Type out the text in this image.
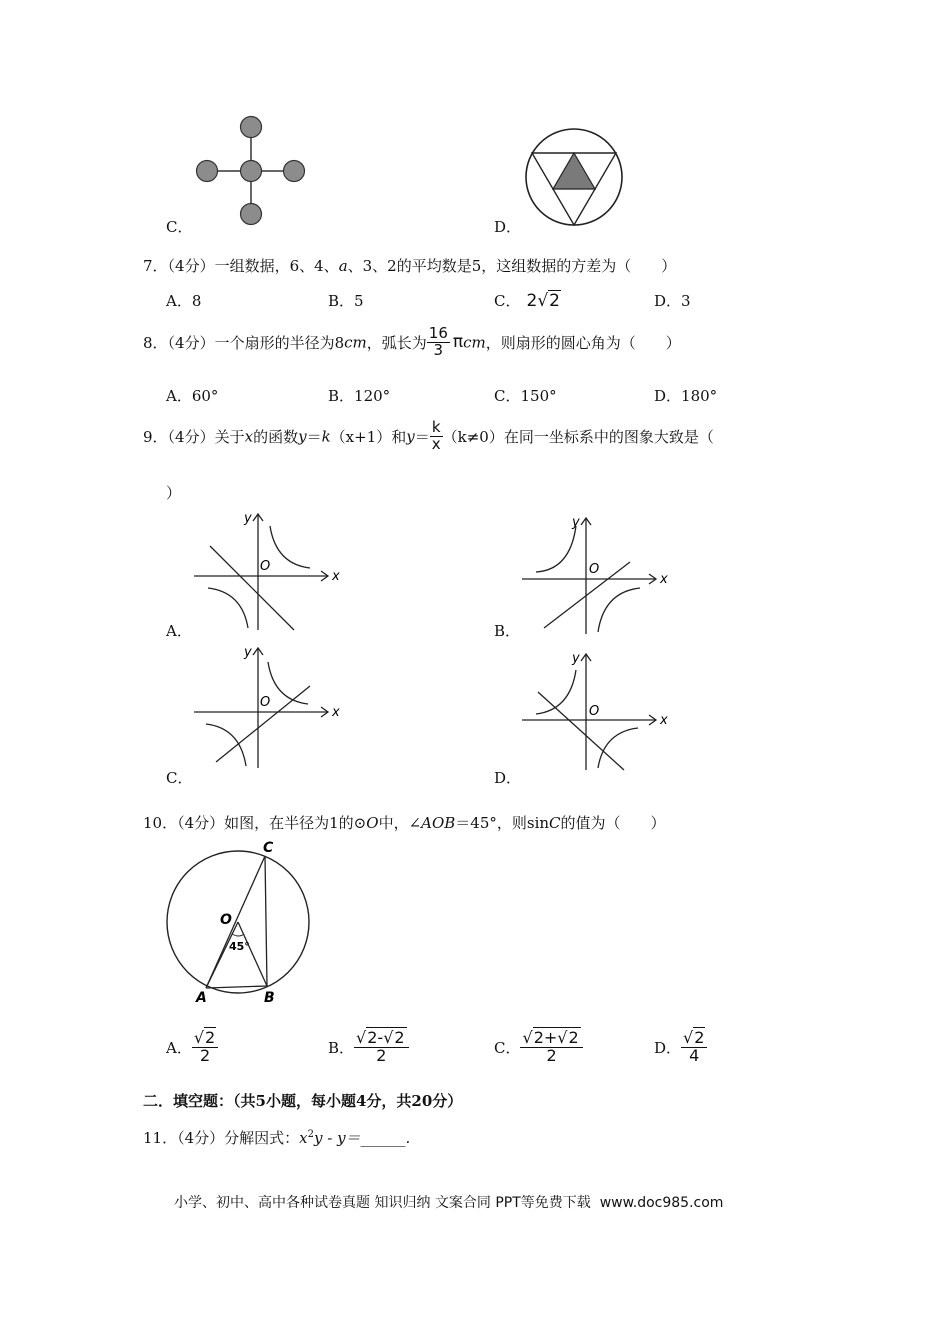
C．	D．
7．（4分）一组数据，6、4、a、3、2的平均数是5，这组数据的方差为（　　）
A．8	B．5	C． 2√2	D．3
8．（4分）一个扇形的半径为8cm，弧长为 $\frac{16}{3}$ πcm，则扇形的圆心角为（　　）
A．60°	B．120°	C．150°	D．180°
9．（4分）关于x的函数y＝k（x+1）和$y= \frac{k}{x} (k\ne 0)$在同一坐标系中的图象大致是（
）
x
y
O
A．
x
y
O
B．
x
y
O
C．
x
y
O
D．
10．（4分）如图，在半径为1的⊙O中，∠AOB＝45°，则sinC的值为（　　）
C
O
A	B
45°
A． $\frac{√2}{2}$	B． $\frac{√2-√2}{2}$	C． $\frac{√2+√2}{2}$	D． $\frac{√2}{4}$
二．填空题：（共5小题，每小题4分，共20分）
11．（4分）分解因式：$x^2y$ - y＝______.
小学、初中、高中各种试卷真题 知识归纳 文案合同 PPT等免费下载 www.doc985.com
